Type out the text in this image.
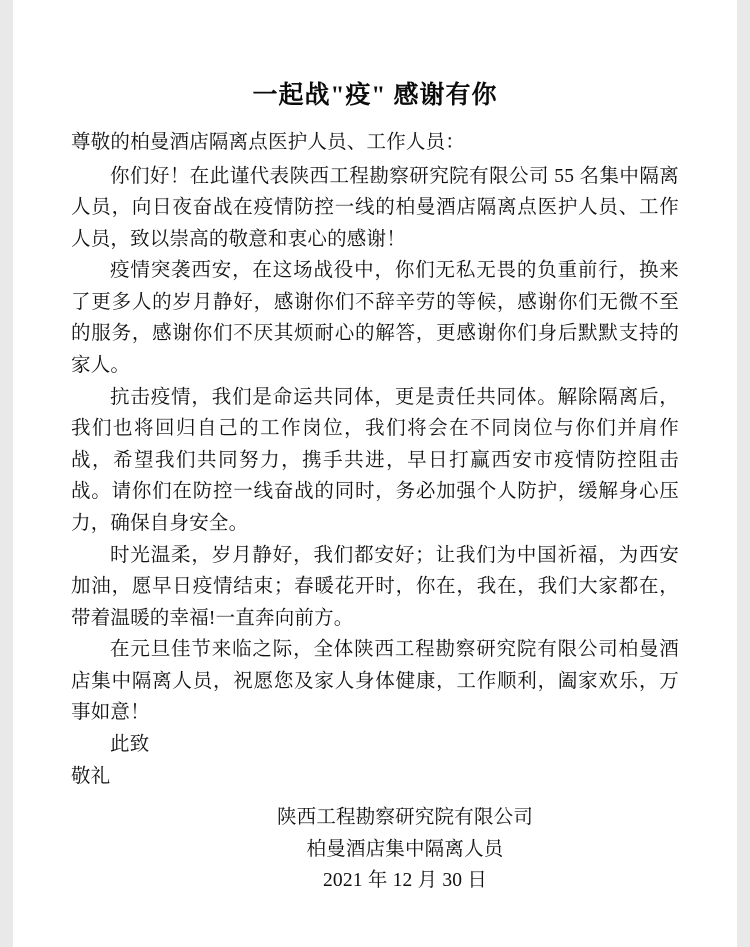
一起战"疫" 感谢有你
尊敬的柏曼酒店隔离点医护人员、工作人员：

你们好！在此谨代表陕西工程勘察研究院有限公司 55 名集中隔离人员，向日夜奋战在疫情防控一线的柏曼酒店隔离点医护人员、工作人员，致以崇高的敬意和衷心的感谢！

疫情突袭西安，在这场战役中，你们无私无畏的负重前行，换来了更多人的岁月静好，感谢你们不辞辛劳的等候，感谢你们无微不至的服务，感谢你们不厌其烦耐心的解答，更感谢你们身后默默支持的家人。

抗击疫情，我们是命运共同体，更是责任共同体。解除隔离后，我们也将回归自己的工作岗位，我们将会在不同岗位与你们并肩作战，希望我们共同努力，携手共进，早日打赢西安市疫情防控阻击战。请你们在防控一线奋战的同时，务必加强个人防护，缓解身心压力，确保自身安全。

时光温柔，岁月静好，我们都安好；让我们为中国祈福，为西安加油，愿早日疫情结束；春暖花开时，你在，我在，我们大家都在，带着温暖的幸福!一直奔向前方。

在元旦佳节来临之际，全体陕西工程勘察研究院有限公司柏曼酒店集中隔离人员，祝愿您及家人身体健康，工作顺利，阖家欢乐，万事如意！

此致
敬礼
陕西工程勘察研究院有限公司
柏曼酒店集中隔离人员
2021 年 12 月 30 日
